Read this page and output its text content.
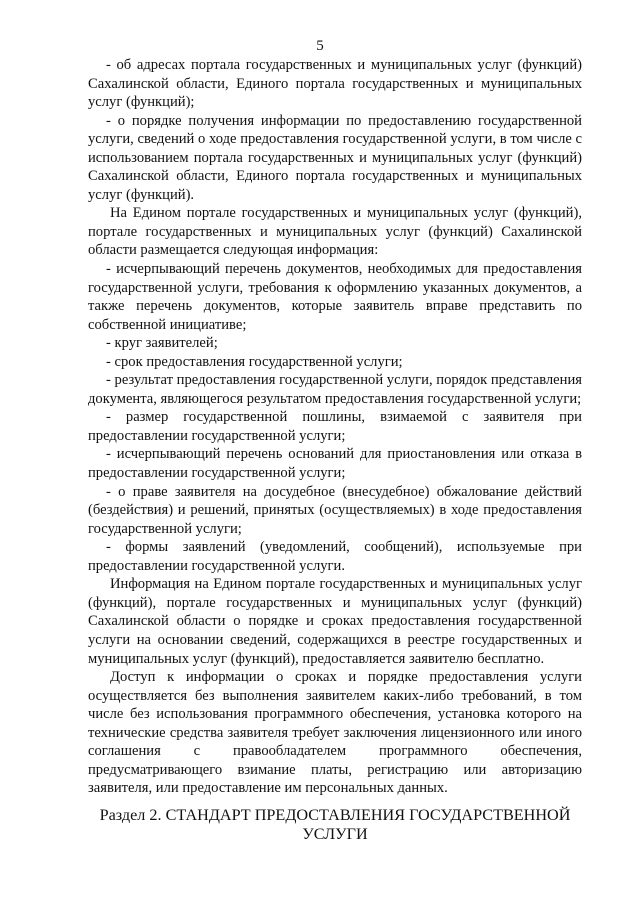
5

- об адресах портала государственных и муниципальных услуг (функций) Сахалинской области, Единого портала государственных и муниципальных услуг (функций);

- о порядке получения информации по предоставлению государственной услуги, сведений о ходе предоставления государственной услуги, в том числе с использованием портала государственных и муниципальных услуг (функций) Сахалинской области, Единого портала государственных и муниципальных услуг (функций).

На Едином портале государственных и муниципальных услуг (функций), портале государственных и муниципальных услуг (функций) Сахалинской области размещается следующая информация:

- исчерпывающий перечень документов, необходимых для предоставления государственной услуги, требования к оформлению указанных документов, а также перечень документов, которые заявитель вправе представить по собственной инициативе;

- круг заявителей;

- срок предоставления государственной услуги;

- результат предоставления государственной услуги, порядок представления документа, являющегося результатом предоставления государственной услуги;

- размер государственной пошлины, взимаемой с заявителя при предоставлении государственной услуги;

- исчерпывающий перечень оснований для приостановления или отказа в предоставлении государственной услуги;

- о праве заявителя на досудебное (внесудебное) обжалование действий (бездействия) и решений, принятых (осуществляемых) в ходе предоставления государственной услуги;

- формы заявлений (уведомлений, сообщений), используемые при предоставлении государственной услуги.

Информация на Едином портале государственных и муниципальных услуг (функций), портале государственных и муниципальных услуг (функций) Сахалинской области о порядке и сроках предоставления государственной услуги на основании сведений, содержащихся в реестре государственных и муниципальных услуг (функций), предоставляется заявителю бесплатно.

Доступ к информации о сроках и порядке предоставления услуги осуществляется без выполнения заявителем каких-либо требований, в том числе без использования программного обеспечения, установка которого на технические средства заявителя требует заключения лицензионного или иного соглашения с правообладателем программного обеспечения, предусматривающего взимание платы, регистрацию или авторизацию заявителя, или предоставление им персональных данных.

Раздел 2. СТАНДАРТ ПРЕДОСТАВЛЕНИЯ ГОСУДАРСТВЕННОЙ
УСЛУГИ
